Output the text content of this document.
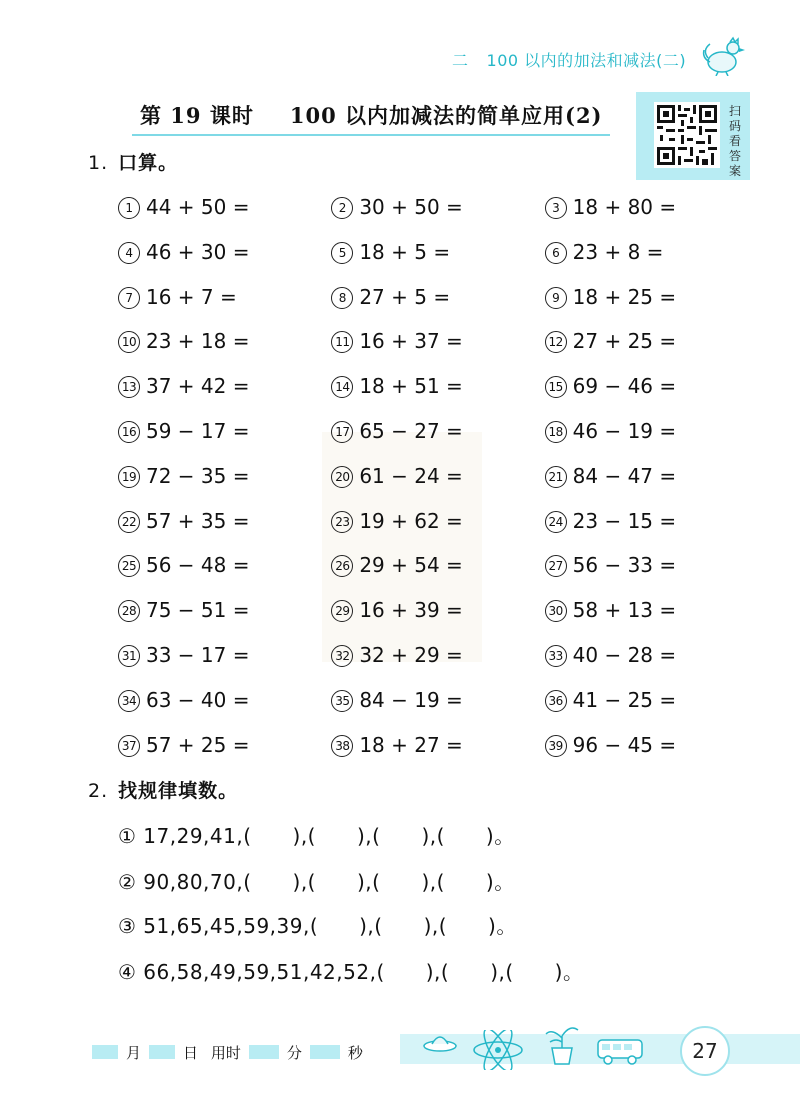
二 100 以内的加法和减法(二)
第 19 课时 100 以内加减法的简单应用(2)	扫
码
看
答
案
1. 口算。
1 44 + 50 =	2 30 + 50 =	3 18 + 80 =
4 46 + 30 =	5 18 + 5 =	6 23 + 8 =
7 16 + 7 =	8 27 + 5 =	9 18 + 25 =
10 23 + 18 =	11 16 + 37 =	12 27 + 25 =
13 37 + 42 =	14 18 + 51 =	15 69 − 46 =
16 59 − 17 =	17 65 − 27 =	18 46 − 19 =
19 72 − 35 =	20 61 − 24 =	21 84 − 47 =
22 57 + 35 =	23 19 + 62 =	24 23 − 15 =
25 56 − 48 =	26 29 + 54 =	27 56 − 33 =
28 75 − 51 =	29 16 + 39 =	30 58 + 13 =
31 33 − 17 =	32 32 + 29 =	33 40 − 28 =
34 63 − 40 =	35 84 − 19 =	36 41 − 25 =
37 57 + 25 =	38 18 + 27 =	39 96 − 45 =
2. 找规律填数。
① 17,29,41,(　　),(　　),(　　),(　　)。
② 90,80,70,(　　),(　　),(　　),(　　)。
③ 51,65,45,59,39,(　　),(　　),(　　)。
④ 66,58,49,59,51,42,52,(　　),(　　),(　　)。
27
月	日 用时	分	秒
